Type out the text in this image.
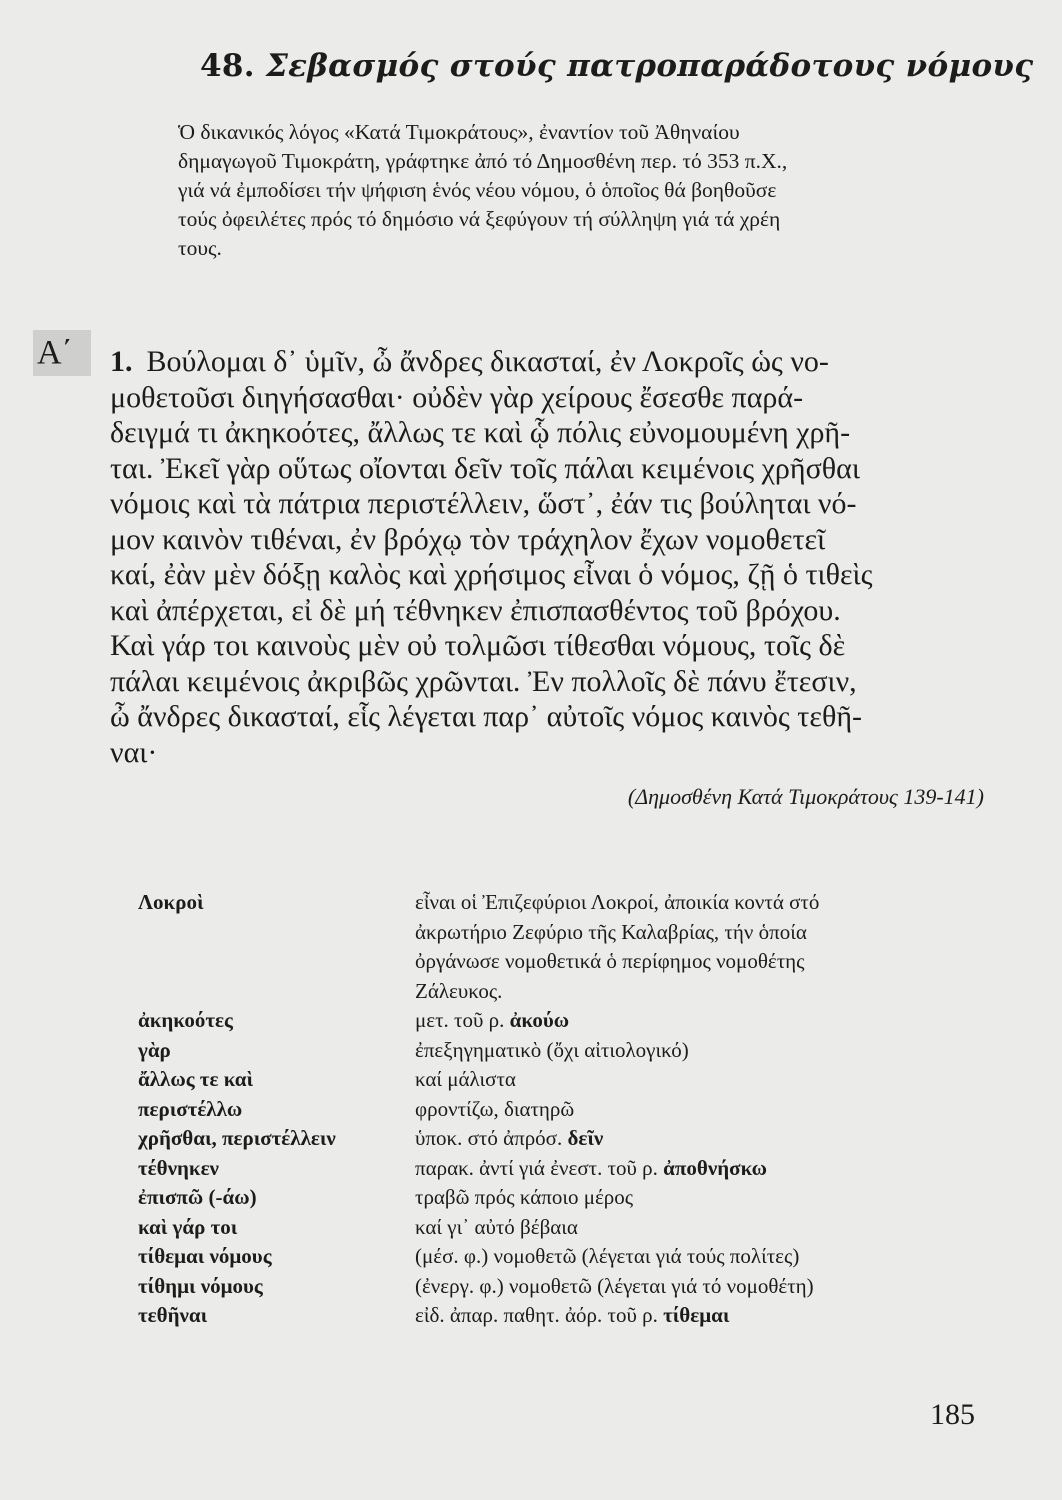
48. Σεβασμός στούς πατροπαράδοτους νόμους
Ὁ δικανικός λόγος «Κατά Τιμοκράτους», ἐναντίον τοῦ Ἀθηναίου
δημαγωγοῦ Τιμοκράτη, γράφτηκε ἀπό τό Δημοσθένη περ. τό 353 π.Χ.,
γιά νά ἐμποδίσει τήν ψήφιση ἑνός νέου νόμου, ὁ ὁποῖος θά βοηθοῦσε
τούς ὀφειλέτες πρός τό δημόσιο νά ξεφύγουν τή σύλληψη γιά τά χρέη
τους.
Α΄	1. Βούλομαι δ᾿ ὑμῖν, ὦ ἄνδρες δικασταί, ἐν Λοκροῖς ὡς νο-
μοθετοῦσι διηγήσασθαι· οὐδὲν γὰρ χείρους ἔσεσθε παρά-
δειγμά τι ἀκηκοότες, ἄλλως τε καὶ ᾧ πόλις εὐνομουμένη χρῆ-
ται. Ἐκεῖ γὰρ οὕτως οἴονται δεῖν τοῖς πάλαι κειμένοις χρῆσθαι
νόμοις καὶ τὰ πάτρια περιστέλλειν, ὥστ᾿, ἐάν τις βούληται νό-
μον καινὸν τιθέναι, ἐν βρόχῳ τὸν τράχηλον ἔχων νομοθετεῖ
καί, ἐὰν μὲν δόξῃ καλὸς καὶ χρήσιμος εἶναι ὁ νόμος, ζῇ ὁ τιθεὶς
καὶ ἀπέρχεται, εἰ δὲ μή τέθνηκεν ἐπισπασθέντος τοῦ βρόχου.
Καὶ γάρ τοι καινοὺς μὲν οὐ τολμῶσι τίθεσθαι νόμους, τοῖς δὲ
πάλαι κειμένοις ἀκριβῶς χρῶνται. Ἐν πολλοῖς δὲ πάνυ ἔτεσιν,
ὦ ἄνδρες δικασταί, εἷς λέγεται παρ᾿ αὐτοῖς νόμος καινὸς τεθῆ-
ναι·
(Δημοσθένη Κατά Τιμοκράτους 139-141)
Λοκροὶ	εἶναι οἱ Ἐπιζεφύριοι Λοκροί, ἀποικία κοντά στό
ἀκρωτήριο Ζεφύριο τῆς Καλαβρίας, τήν ὁποία
ὀργάνωσε νομοθετικά ὁ περίφημος νομοθέτης
Ζάλευκος.
ἀκηκοότες	μετ. τοῦ ρ. ἀκούω
γὰρ	ἐπεξηγηματικὸ (ὄχι αἰτιολογικό)
ἄλλως τε καὶ	καί μάλιστα
περιστέλλω	φροντίζω, διατηρῶ
χρῆσθαι, περιστέλλειν	ὑποκ. στό ἀπρόσ. δεῖν
τέθνηκεν	παρακ. ἀντί γιά ἐνεστ. τοῦ ρ. ἀποθνήσκω
ἐπισπῶ (-άω)	τραβῶ πρός κάποιο μέρος
καὶ γάρ τοι	καί γι᾿ αὐτό βέβαια
τίθεμαι νόμους	(μέσ. φ.) νομοθετῶ (λέγεται γιά τούς πολίτες)
τίθημι νόμους	(ἐνεργ. φ.) νομοθετῶ (λέγεται γιά τό νομοθέτη)
τεθῆναι	εἰδ. ἀπαρ. παθητ. ἀόρ. τοῦ ρ. τίθεμαι
185
